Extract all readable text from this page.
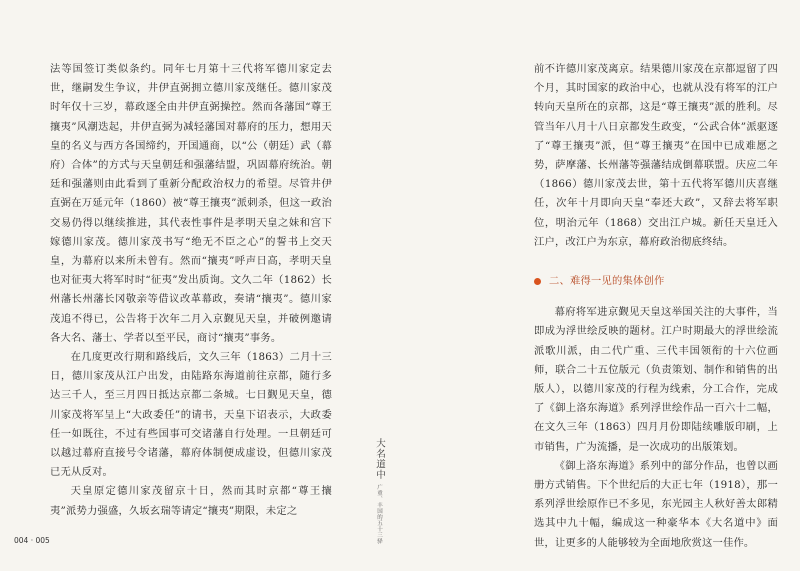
法等国签订类似条约。同年七月第十三代将军德川家定去世，继嗣发生争议，井伊直弼拥立德川家茂继任。德川家茂时年仅十三岁，幕政逐全由井伊直弼操控。然而各藩国“尊王攘夷”风潮迭起，井伊直弼为减轻藩国对幕府的压力，想用天皇的名义与西方各国缔约，开国通商，以“公（朝廷）武（幕府）合体”的方式与天皇朝廷和强藩结盟，巩固幕府统治。朝廷和强藩则由此看到了重新分配政治权力的希望。尽管井伊直弼在万延元年（1860）被“尊王攘夷”派刺杀，但这一政治交易仍得以继续推进，其代表性事件是孝明天皇之妹和宫下嫁德川家茂。德川家茂书写“绝无不臣之心”的誓书上交天皇，为幕府以来所未曾有。然而“攘夷”呼声日高，孝明天皇也对征夷大将军时时“征夷”发出质询。文久二年（1862）长州藩长州藩长冈敬亲等借议改革幕政，奏请“攘夷”。德川家茂追不得已，公告将于次年二月入京觐见天皇，并破例邀请各大名、藩士、学者以至平民，商讨“攘夷”事务。

在几度更改行期和路线后，文久三年（1863）二月十三日，德川家茂从江户出发，由陆路东海道前往京都，随行多达三千人，至三月四日抵达京都二条城。七日觐见天皇，德川家茂将军呈上“大政委任”的请书，天皇下诏表示，大政委任一如既往，不过有些国事可交诸藩自行处理。一旦朝廷可以越过幕府直接号令诸藩，幕府体制便成虚设，但德川家茂已无从反对。

天皇原定德川家茂留京十日，然而其时京都“尊王攘夷”派势力强盛，久坂玄瑞等请定“攘夷”期限，未定之

大名道中
广重、丰国的五十三驿

前不许德川家茂离京。结果德川家茂在京都逗留了四个月，其时国家的政治中心，也就从没有将军的江户转向天皇所在的京都，这是“尊王攘夷”派的胜利。尽管当年八月十八日京都发生政变，“公武合体”派驱逐了“尊王攘夷”派，但“尊王攘夷”在国中已成难愿之势，萨摩藩、长州藩等强藩结成倒幕联盟。庆应二年（1866）德川家茂去世，第十五代将军德川庆喜继任，次年十月即向天皇“奉还大政”，又辞去将军职位，明治元年（1868）交出江户城。新任天皇迁入江户，改江户为东京，幕府政治彻底终结。

二、难得一见的集体创作

幕府将军进京觐见天皇这举国关注的大事件，当即成为浮世绘反映的题材。江户时期最大的浮世绘流派歌川派，由二代广重、三代丰国领衔的十六位画师，联合二十五位版元（负责策划、制作和销售的出版人），以德川家茂的行程为线索，分工合作，完成了《御上洛东海道》系列浮世绘作品一百六十二幅，在文久三年（1863）四月月份即陆续雕版印刷，上市销售，广为流播，是一次成功的出版策划。

《御上洛东海道》系列中的部分作品，也曾以画册方式销售。下个世纪后的大正七年（1918），那一系列浮世绘原作已不多见，东光园主人秋好善太郎精选其中九十幅，编成这一种豪华本《大名道中》面世，让更多的人能够较为全面地欣赏这一佳作。

004 · 005
